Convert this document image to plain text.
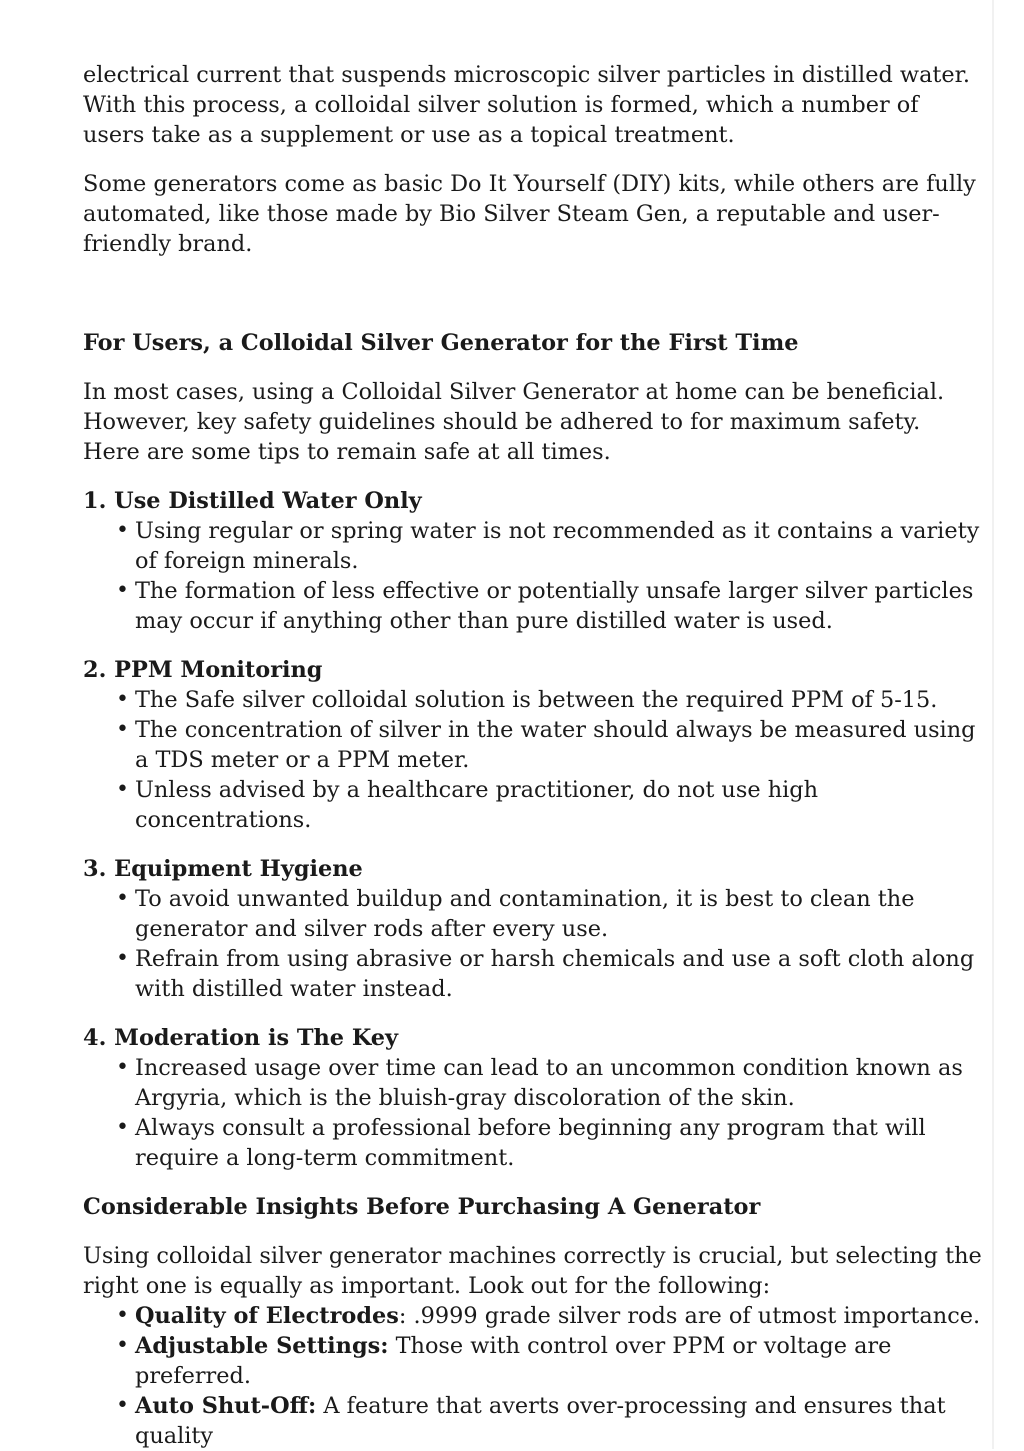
electrical current that suspends microscopic silver particles in distilled water. With this process, a colloidal silver solution is formed, which a number of users take as a supplement or use as a topical treatment.

Some generators come as basic Do It Yourself (DIY) kits, while others are fully automated, like those made by Bio Silver Steam Gen, a reputable and user-friendly brand.

For Users, a Colloidal Silver Generator for the First Time

In most cases, using a Colloidal Silver Generator at home can be beneficial. However, key safety guidelines should be adhered to for maximum safety. Here are some tips to remain safe at all times.

1. Use Distilled Water Only
• Using regular or spring water is not recommended as it contains a variety of foreign minerals.
• The formation of less effective or potentially unsafe larger silver particles may occur if anything other than pure distilled water is used.
2. PPM Monitoring
• The Safe silver colloidal solution is between the required PPM of 5-15.
• The concentration of silver in the water should always be measured using a TDS meter or a PPM meter.
• Unless advised by a healthcare practitioner, do not use high concentrations.
3. Equipment Hygiene
• To avoid unwanted buildup and contamination, it is best to clean the generator and silver rods after every use.
• Refrain from using abrasive or harsh chemicals and use a soft cloth along with distilled water instead.
4. Moderation is The Key
• Increased usage over time can lead to an uncommon condition known as Argyria, which is the bluish-gray discoloration of the skin.
• Always consult a professional before beginning any program that will require a long-term commitment.
Considerable Insights Before Purchasing A Generator

Using colloidal silver generator machines correctly is crucial, but selecting the right one is equally as important. Look out for the following:

• Quality of Electrodes: .9999 grade silver rods are of utmost importance.
• Adjustable Settings: Those with control over PPM or voltage are preferred.
• Auto Shut-Off: A feature that averts over-processing and ensures that quality
